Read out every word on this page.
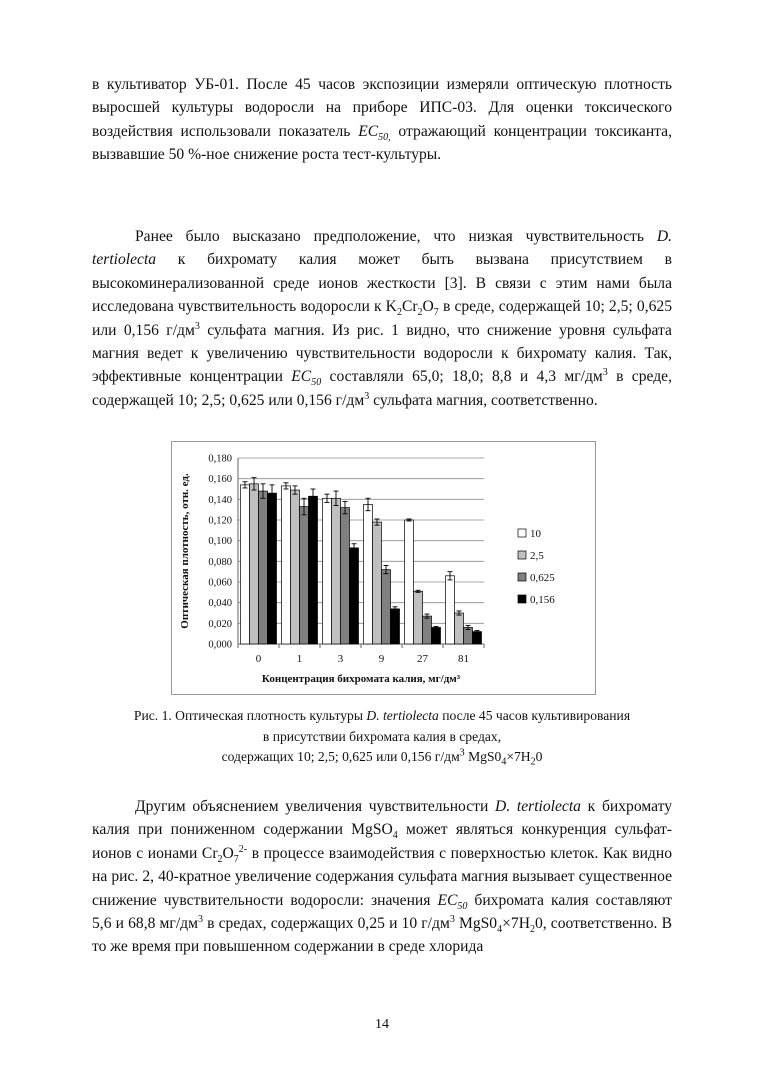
в культиватор УБ-01. После 45 часов экспозиции измеряли оптическую плотность выросшей культуры водоросли на приборе ИПС-03. Для оценки токсического воздействия использовали показатель $EC_{50,}$ отражающий концентрации токсиканта, вызвавшие 50 %-ное снижение роста тест-культуры.

Ранее было высказано предположение, что низкая чувствительность D. tertiolecta к бихромату калия может быть вызвана присутствием в высокоминерализованной среде ионов жесткости [3]. В связи с этим нами была исследована чувствительность водоросли к $K_2Cr_2O_7$ в среде, содержащей 10; 2,5; 0,625 или 0,156 $г/дм^3$ сульфата магния. Из рис. 1 видно, что снижение уровня сульфата магния ведет к увеличению чувствительности водоросли к бихромату калия. Так, эффективные концентрации $EC_{50}$ составляли 65,0; 18,0; 8,8 и 4,3 $мг/дм^3$ в среде, содержащей 10; 2,5; 0,625 или 0,156 $г/дм^3$ сульфата магния, соответственно.

0,000
0,020
0,040
0,060
0,080
0,100
0,120
0,140
0,160
0,180
0	1	3	9	27	81
Концентрация бихромата калия, мг/дм³
Оптическая плотность, отн. ед.	10
2,5
0,625
0,156
Рис. 1. Оптическая плотность культуры D. tertiolecta после 45 часов культивирования
в присутствии бихромата калия в средах,
содержащих 10; 2,5; 0,625 или 0,156 $г/дм^3$ $MgS0_4\times 7H_20$

Другим объяснением увеличения чувствительности D. tertiolecta к бихромату калия при пониженном содержании MgSO$_4$ может являться конкуренция сульфат-ионов с ионами $Cr_2O_7^{2-}$ в процессе взаимодействия с поверхностью клеток. Как видно на рис. 2, 40-кратное увеличение содержания сульфата магния вызывает существенное снижение чувствительности водоросли: значения $EC_{50}$ бихромата калия составляют 5,6 и 68,8 $мг/дм^3$ в средах, содержащих 0,25 и 10 $г/дм^3$ $MgS0_4\times 7H_20$, соответственно. В то же время при повышенном содержании в среде хлорида

14
